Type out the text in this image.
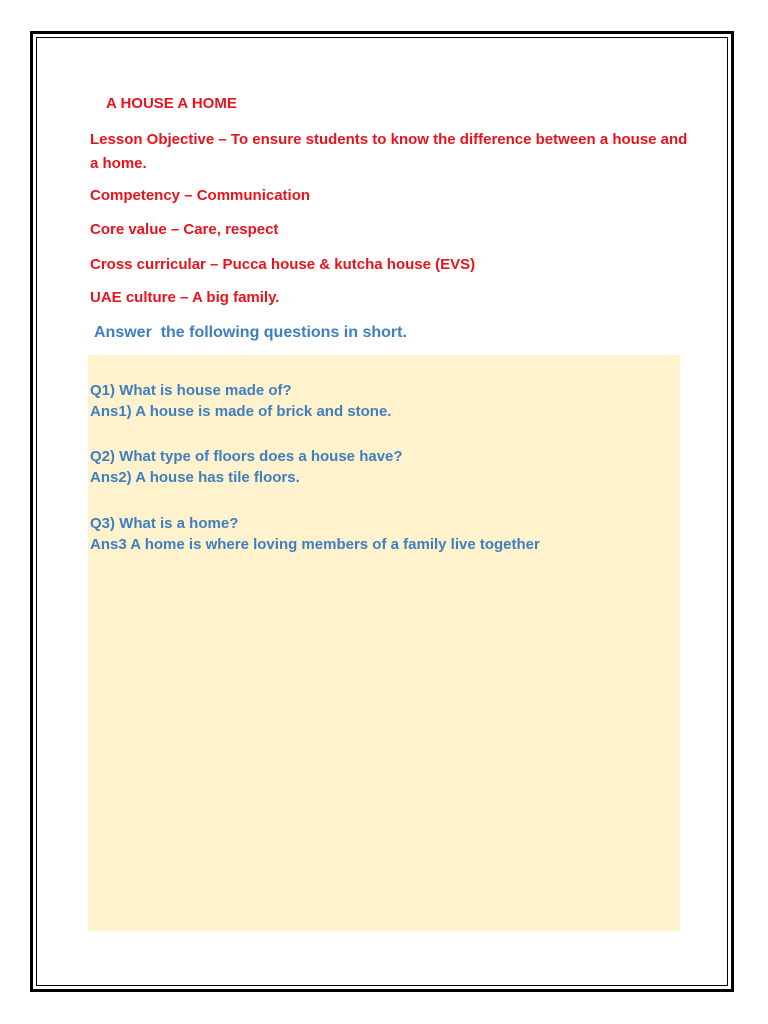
A HOUSE A HOME

Lesson Objective – To ensure students to know the difference between a house and a home.

Competency – Communication

Core value – Care, respect

Cross curricular – Pucca house & kutcha house (EVS)

UAE culture – A big family.

Answer  the following questions in short.

Q1) What is house made of?
Ans1) A house is made of brick and stone.
Q2) What type of floors does a house have?
Ans2) A house has tile floors.
Q3) What is a home?
Ans3 A home is where loving members of a family live together
